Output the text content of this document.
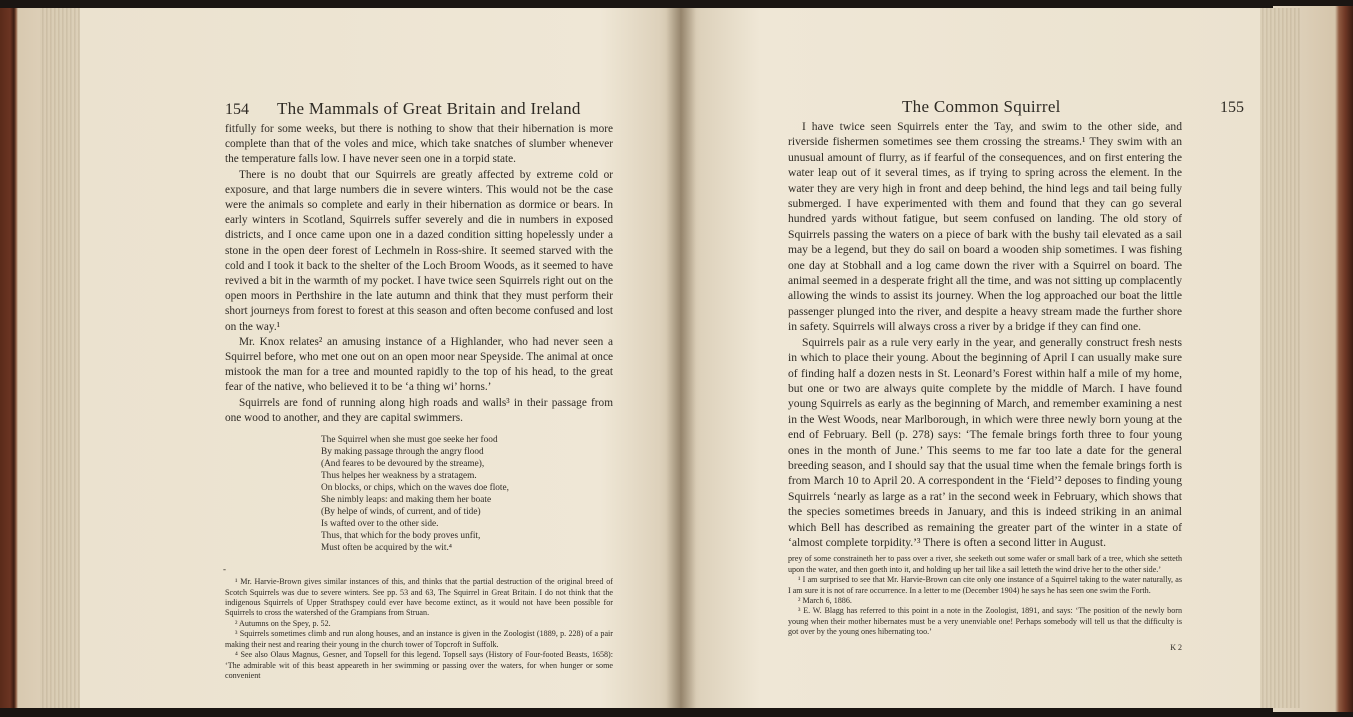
154 The Mammals of Great Britain and Ireland

fitfully for some weeks, but there is nothing to show that their hibernation is more complete than that of the voles and mice, which take snatches of slumber whenever the temperature falls low. I have never seen one in a torpid state.

There is no doubt that our Squirrels are greatly affected by extreme cold or exposure, and that large numbers die in severe winters. This would not be the case were the animals so complete and early in their hibernation as dormice or bears. In early winters in Scotland, Squirrels suffer severely and die in numbers in exposed districts, and I once came upon one in a dazed condition sitting hopelessly under a stone in the open deer forest of Lechmeln in Ross-shire. It seemed starved with the cold and I took it back to the shelter of the Loch Broom Woods, as it seemed to have revived a bit in the warmth of my pocket. I have twice seen Squirrels right out on the open moors in Perthshire in the late autumn and think that they must perform their short journeys from forest to forest at this season and often become confused and lost on the way.¹

Mr. Knox relates² an amusing instance of a Highlander, who had never seen a Squirrel before, who met one out on an open moor near Speyside. The animal at once mistook the man for a tree and mounted rapidly to the top of his head, to the great fear of the native, who believed it to be ‘a thing wi’ horns.’

Squirrels are fond of running along high roads and walls³ in their passage from one wood to another, and they are capital swimmers.

The Squirrel when she must goe seeke her food
By making passage through the angry flood
(And feares to be devoured by the streame),
Thus helpes her weakness by a stratagem.
On blocks, or chips, which on the waves doe flote,
She nimbly leaps: and making them her boate
(By helpe of winds, of current, and of tide)
Is wafted over to the other side.
Thus, that which for the body proves unfit,
Must often be acquired by the wit.⁴
-

¹ Mr. Harvie-Brown gives similar instances of this, and thinks that the partial destruction of the original breed of Scotch Squirrels was due to severe winters. See pp. 53 and 63, The Squirrel in Great Britain. I do not think that the indigenous Squirrels of Upper Strathspey could ever have become extinct, as it would not have been possible for Squirrels to cross the watershed of the Grampians from Struan.

² Autumns on the Spey, p. 52.

³ Squirrels sometimes climb and run along houses, and an instance is given in the Zoologist (1889, p. 228) of a pair making their nest and rearing their young in the church tower of Topcroft in Suffolk.

⁴ See also Olaus Magnus, Gesner, and Topsell for this legend. Topsell says (History of Four-footed Beasts, 1658): ‘The admirable wit of this beast appeareth in her swimming or passing over the waters, for when hunger or some convenient

The Common Squirrel	155

I have twice seen Squirrels enter the Tay, and swim to the other side, and riverside fishermen sometimes see them crossing the streams.¹ They swim with an unusual amount of flurry, as if fearful of the consequences, and on first entering the water leap out of it several times, as if trying to spring across the element. In the water they are very high in front and deep behind, the hind legs and tail being fully submerged. I have experimented with them and found that they can go several hundred yards without fatigue, but seem confused on landing. The old story of Squirrels passing the waters on a piece of bark with the bushy tail elevated as a sail may be a legend, but they do sail on board a wooden ship sometimes. I was fishing one day at Stobhall and a log came down the river with a Squirrel on board. The animal seemed in a desperate fright all the time, and was not sitting up complacently allowing the winds to assist its journey. When the log approached our boat the little passenger plunged into the river, and despite a heavy stream made the further shore in safety. Squirrels will always cross a river by a bridge if they can find one.

Squirrels pair as a rule very early in the year, and generally construct fresh nests in which to place their young. About the beginning of April I can usually make sure of finding half a dozen nests in St. Leonard’s Forest within half a mile of my home, but one or two are always quite complete by the middle of March. I have found young Squirrels as early as the beginning of March, and remember examining a nest in the West Woods, near Marlborough, in which were three newly born young at the end of February. Bell (p. 278) says: ‘The female brings forth three to four young ones in the month of June.’ This seems to me far too late a date for the general breeding season, and I should say that the usual time when the female brings forth is from March 10 to April 20. A correspondent in the ‘Field’² deposes to finding young Squirrels ‘nearly as large as a rat’ in the second week in February, which shows that the species sometimes breeds in January, and this is indeed striking in an animal which Bell has described as remaining the greater part of the winter in a state of ‘almost complete torpidity.’³ There is often a second litter in August.

prey of some constraineth her to pass over a river, she seeketh out some wafer or small bark of a tree, which she setteth upon the water, and then goeth into it, and holding up her tail like a sail letteth the wind drive her to the other side.’

¹ I am surprised to see that Mr. Harvie-Brown can cite only one instance of a Squirrel taking to the water naturally, as I am sure it is not of rare occurrence. In a letter to me (December 1904) he says he has seen one swim the Forth.

² March 6, 1886.

³ E. W. Blagg has referred to this point in a note in the Zoologist, 1891, and says: ‘The position of the newly born young when their mother hibernates must be a very unenviable one! Perhaps somebody will tell us that the difficulty is got over by the young ones hibernating too.’

K 2
